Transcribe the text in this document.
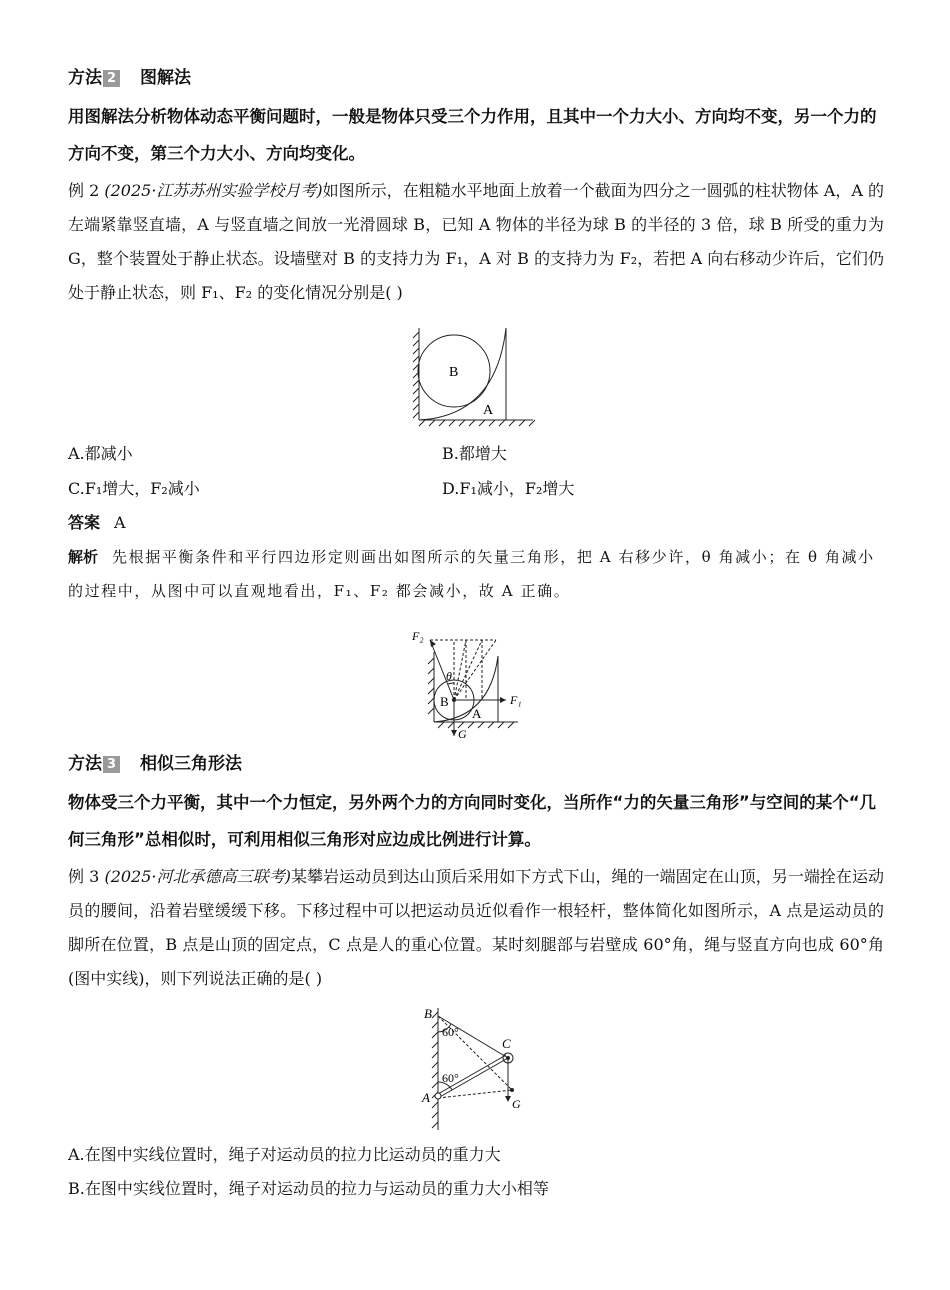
方法 2 图解法

用图解法分析物体动态平衡问题时，一般是物体只受三个力作用，且其中一个力大小、方向均不变，另一个力的方向不变，第三个力大小、方向均变化。

例 2 (2025·江苏苏州实验学校月考)如图所示，在粗糙水平地面上放着一个截面为四分之一圆弧的柱状物体 A，A 的左端紧靠竖直墙，A 与竖直墙之间放一光滑圆球 B，已知 A 物体的半径为球 B 的半径的 3 倍，球 B 所受的重力为 G，整个装置处于静止状态。设墙壁对 B 的支持力为 F₁，A 对 B 的支持力为 F₂，若把 A 向右移动少许后，它们仍处于静止状态，则 F₁、F₂ 的变化情况分别是( )

B
A
A.都减小	B.都增大
C.F₁增大，F₂减小	D.F₁减小，F₂增大
答案 A

解析 先根据平衡条件和平行四边形定则画出如图所示的矢量三角形，把 A 右移少许，θ 角减小；在 θ 角减小的过程中，从图中可以直观地看出，F₁、F₂ 都会减小，故 A 正确。

F₂
θ
B	F₁
A
G
方法 3 相似三角形法

物体受三个力平衡，其中一个力恒定，另外两个力的方向同时变化，当所作“力的矢量三角形”与空间的某个“几何三角形”总相似时，可利用相似三角形对应边成比例进行计算。

例 3 (2025·河北承德高三联考)某攀岩运动员到达山顶后采用如下方式下山，绳的一端固定在山顶，另一端拴在运动员的腰间，沿着岩壁缓缓下移。下移过程中可以把运动员近似看作一根轻杆，整体简化如图所示，A 点是运动员的脚所在位置，B 点是山顶的固定点，C 点是人的重心位置。某时刻腿部与岩壁成 60°角，绳与竖直方向也成 60°角(图中实线)，则下列说法正确的是( )

B
60°
C
60°
A	G
A.在图中实线位置时，绳子对运动员的拉力比运动员的重力大
B.在图中实线位置时，绳子对运动员的拉力与运动员的重力大小相等
